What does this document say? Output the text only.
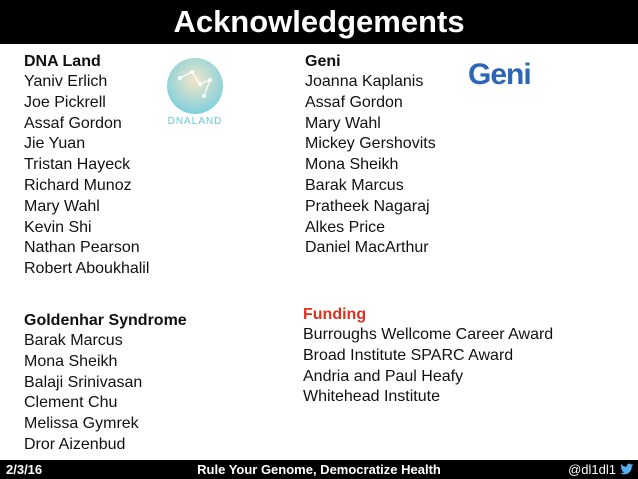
Acknowledgements
DNA Land
Yaniv Erlich
Joe Pickrell
Assaf Gordon
Jie Yuan
Tristan Hayeck
Richard Munoz
Mary Wahl
Kevin Shi
Nathan Pearson
Robert Aboukhalil
DNALAND
Geni
Joanna Kaplanis
Assaf Gordon
Mary Wahl
Mickey Gershovits
Mona Sheikh
Barak Marcus
Pratheek Nagaraj
Alkes Price
Daniel MacArthur
Geni
Goldenhar Syndrome
Barak Marcus
Mona Sheikh
Balaji Srinivasan
Clement Chu
Melissa Gymrek
Dror Aizenbud
Funding
Burroughs Wellcome Career Award
Broad Institute SPARC Award
Andria and Paul Heafy
Whitehead Institute
2/3/16	Rule Your Genome, Democratize Health	@dl1dl1
